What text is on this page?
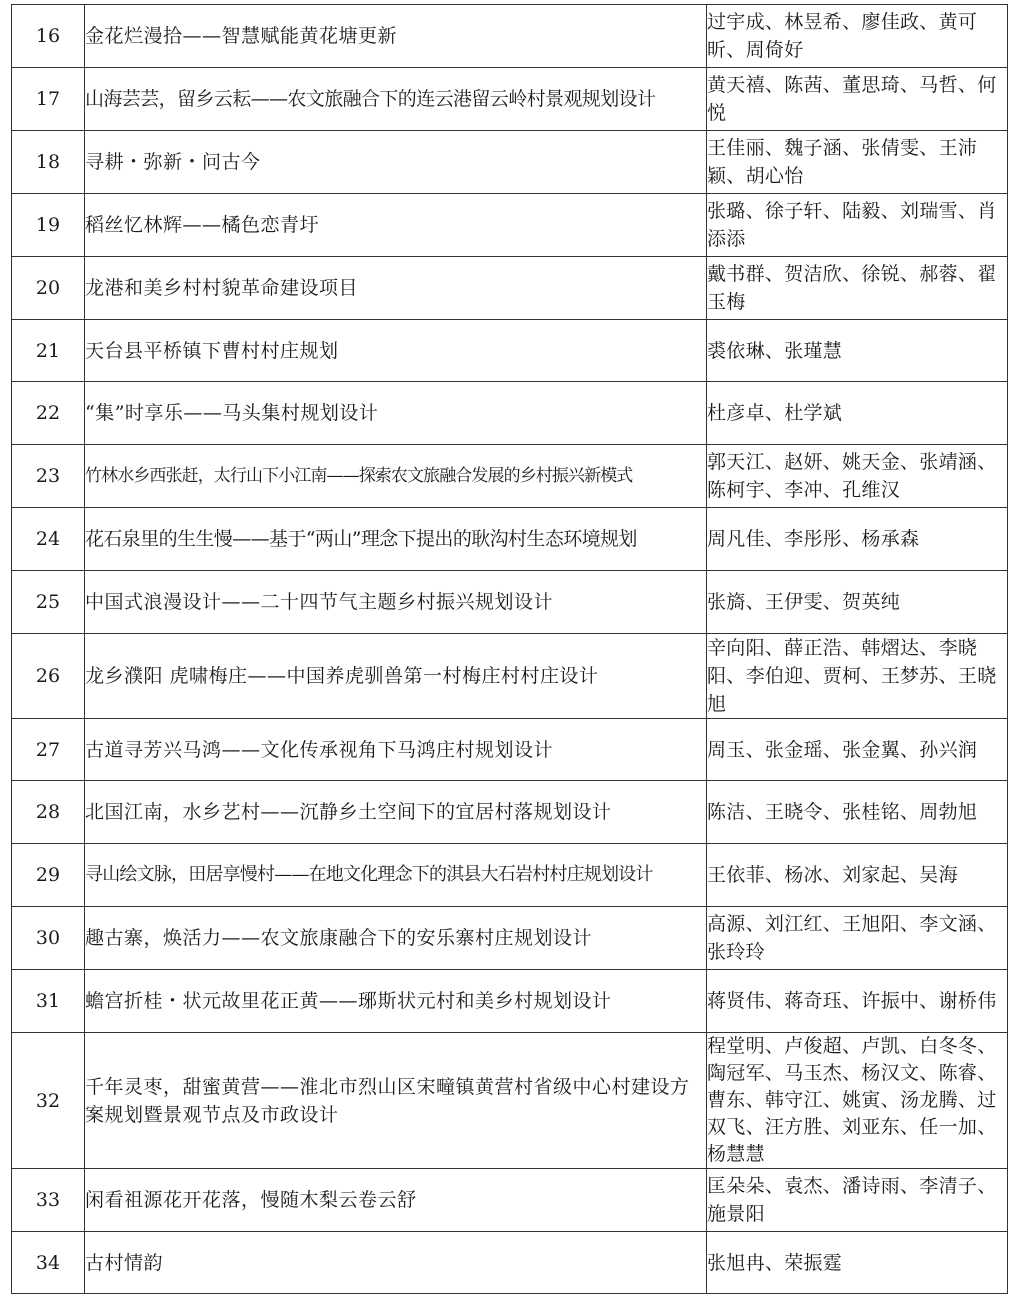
16	金花烂漫拾——智慧赋能黄花塘更新	过宇成、林昱希、廖佳政、黄可昕、周倚好
17	山海芸芸，留乡云耘——农文旅融合下的连云港留云岭村景观规划设计	黄天禧、陈茜、董思琦、马哲、何悦
18	寻耕・弥新・问古今	王佳丽、魏子涵、张倩雯、王沛颖、胡心怡
19	稻丝忆林辉——橘色恋青圩	张璐、徐子轩、陆毅、刘瑞雪、肖添添
20	龙港和美乡村村貌革命建设项目	戴书群、贺洁欣、徐锐、郝蓉、翟玉梅
21	天台县平桥镇下曹村村庄规划	裘依琳、张瑾慧
22	“集”时享乐——马头集村规划设计	杜彦卓、杜学斌
23	竹林水乡西张赶，太行山下小江南——探索农文旅融合发展的乡村振兴新模式	郭天江、赵妍、姚天金、张靖涵、陈柯宇、李冲、孔维汉
24	花石泉里的生生慢——基于“两山”理念下提出的耿沟村生态环境规划	周凡佳、李彤彤、杨承森
25	中国式浪漫设计——二十四节气主题乡村振兴规划设计	张旖、王伊雯、贺英纯
26	龙乡濮阳 虎啸梅庄——中国养虎驯兽第一村梅庄村村庄设计	辛向阳、薛正浩、韩熠达、李晓阳、李伯迎、贾柯、王梦苏、王晓旭
27	古道寻芳兴马鸿——文化传承视角下马鸿庄村规划设计	周玉、张金瑶、张金翼、孙兴润
28	北国江南，水乡艺村——沉静乡土空间下的宜居村落规划设计	陈洁、王晓令、张桂铭、周勃旭
29	寻山绘文脉，田居享慢村——在地文化理念下的淇县大石岩村村庄规划设计	王依菲、杨冰、刘家起、吴海
30	趣古寨，焕活力——农文旅康融合下的安乐寨村庄规划设计	高源、刘江红、王旭阳、李文涵、张玲玲
31	蟾宫折桂・状元故里花正黄——琊斯状元村和美乡村规划设计	蒋贤伟、蒋奇珏、许振中、谢桥伟
32	千年灵枣，甜蜜黄营——淮北市烈山区宋疃镇黄营村省级中心村建设方案规划暨景观节点及市政设计	程堂明、卢俊超、卢凯、白冬冬、陶冠军、马玉杰、杨汉文、陈睿、曹东、韩守江、姚寅、汤龙腾、过双飞、汪方胜、刘亚东、任一加、杨慧慧
33	闲看祖源花开花落，慢随木梨云卷云舒	匡朵朵、袁杰、潘诗雨、李清子、施景阳
34	古村情韵	张旭冉、荣振霆
